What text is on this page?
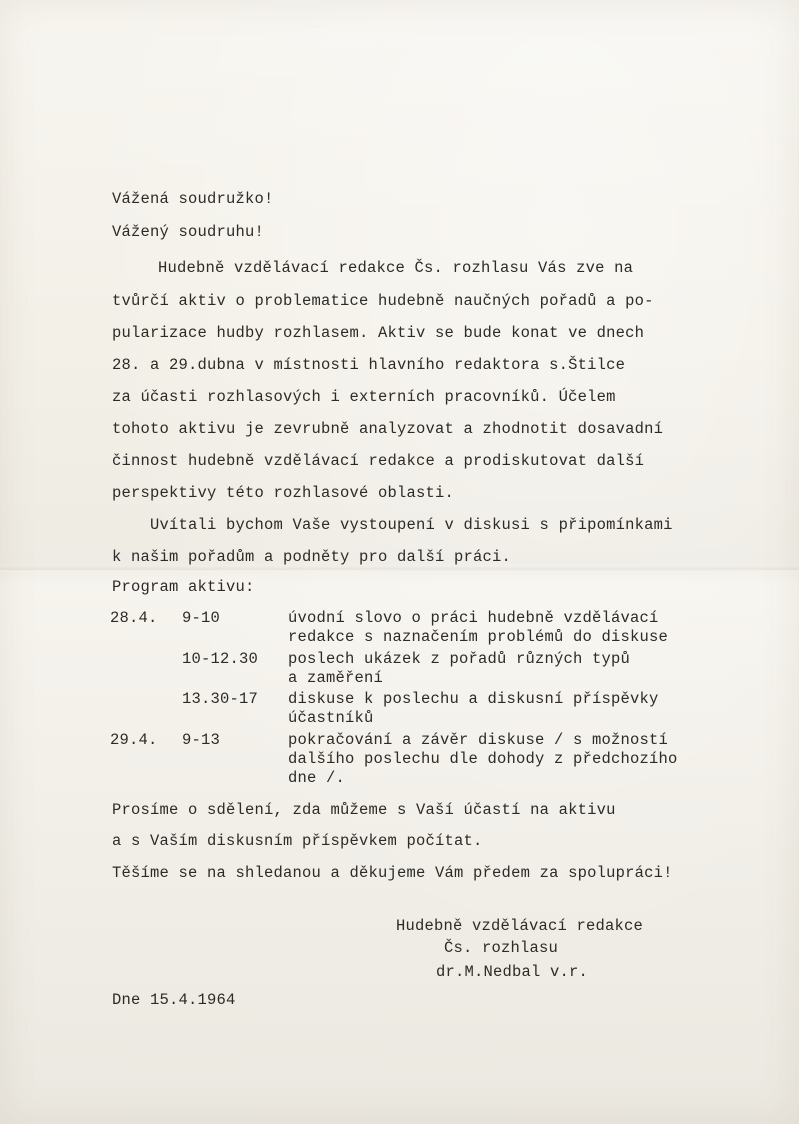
Vážená soudružko!
Vážený soudruhu!
Hudebně vzdělávací redakce Čs. rozhlasu Vás zve na
tvůrčí aktiv o problematice hudebně naučných pořadů a po-
pularizace hudby rozhlasem. Aktiv se bude konat ve dnech
28. a 29.dubna v místnosti hlavního redaktora s.Štilce
za účasti rozhlasových i externích pracovníků. Účelem
tohoto aktivu je zevrubně analyzovat a zhodnotit dosavadní
činnost hudebně vzdělávací redakce a prodiskutovat další
perspektivy této rozhlasové oblasti.
Uvítali bychom Vaše vystoupení v diskusi s připomínkami
k našim pořadům a podněty pro další práci.
Program aktivu:
28.4. 9-10	úvodní slovo o práci hudebně vzdělávací
redakce s naznačením problémů do diskuse
10-12.30 poslech ukázek z pořadů různých typů
a zaměření
13.30-17 diskuse k poslechu a diskusní příspěvky
účastníků
29.4. 9-13	pokračování a závěr diskuse / s možností
dalšího poslechu dle dohody z předchozího
dne /.
Prosíme o sdělení, zda můžeme s Vaší účastí na aktivu
a s Vaším diskusním příspěvkem počítat.
Těšíme se na shledanou a děkujeme Vám předem za spolupráci!
Hudebně vzdělávací redakce
Čs. rozhlasu
dr.M.Nedbal v.r.
Dne 15.4.1964
